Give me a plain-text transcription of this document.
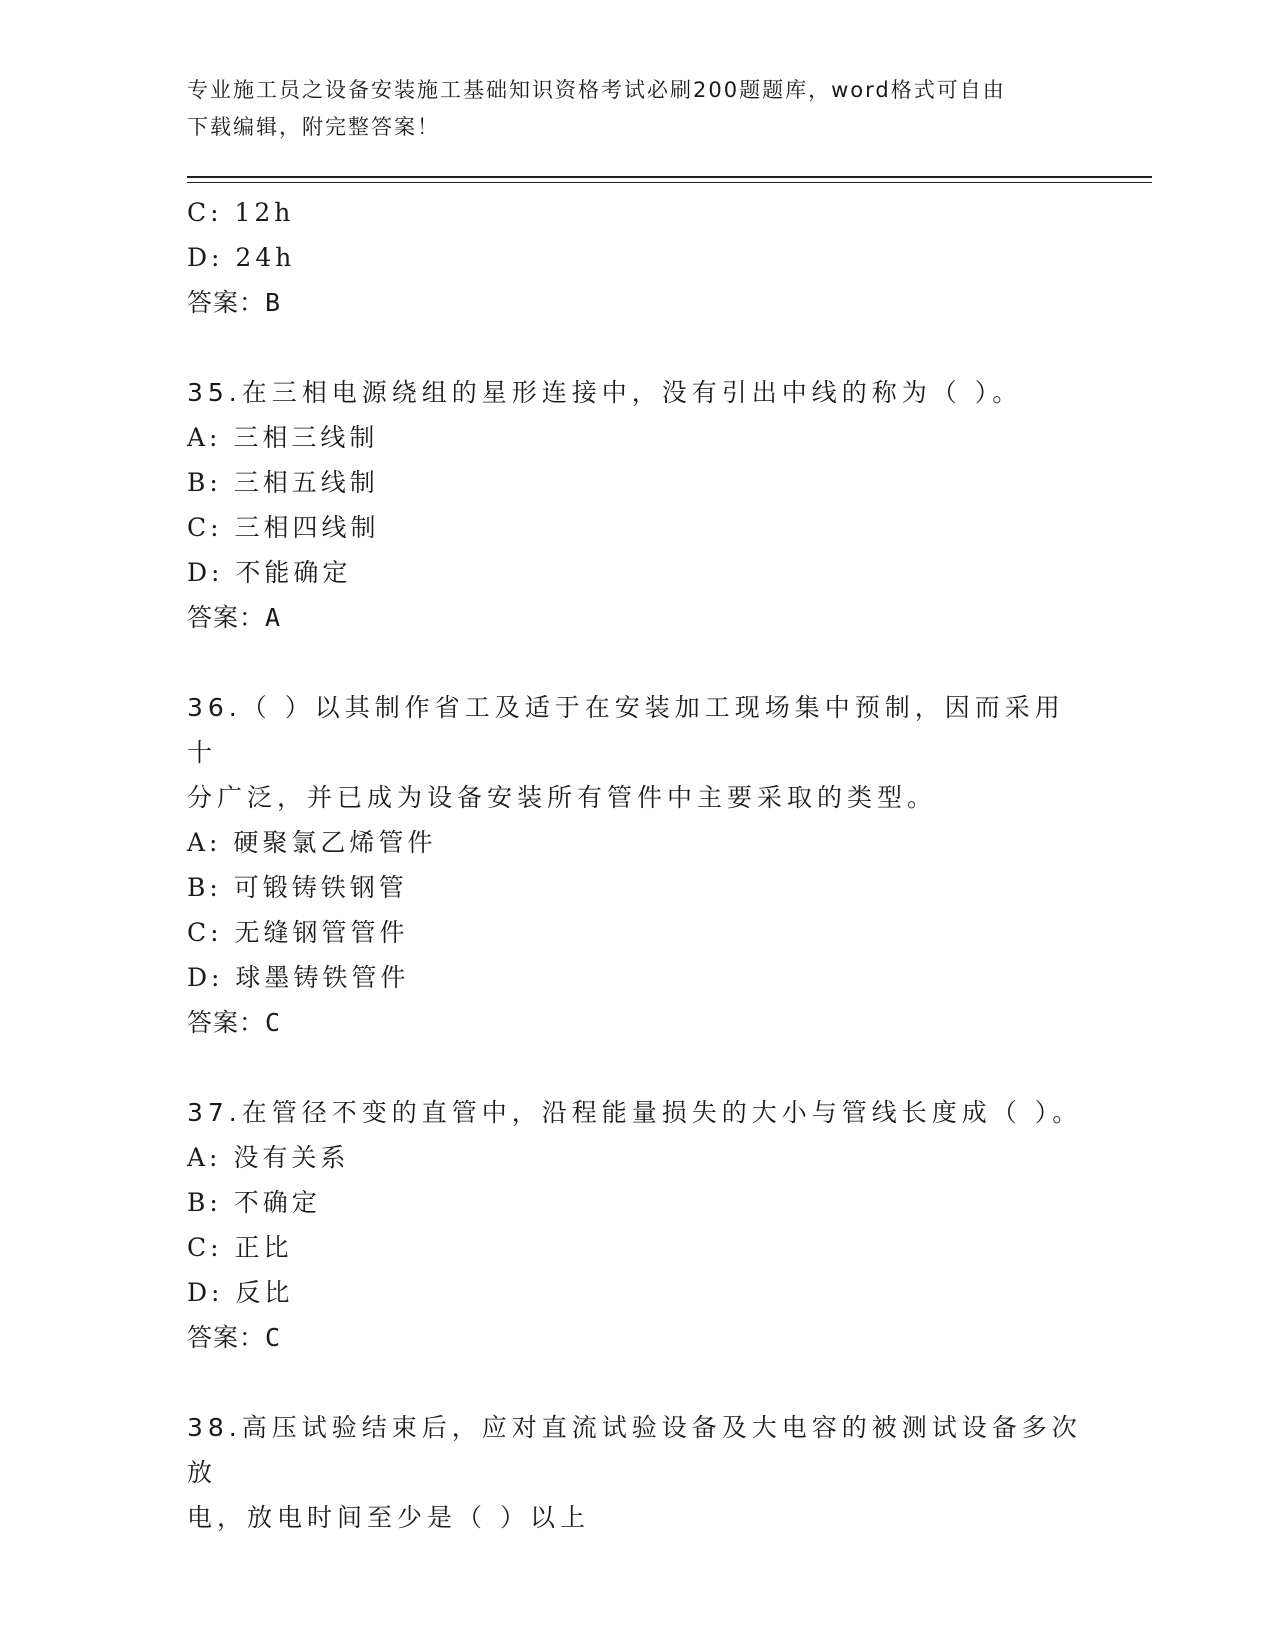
专业施工员之设备安装施工基础知识资格考试必刷200题题库，word格式可自由
下载编辑，附完整答案！
C: 12h
D: 24h
答案：B
35.在三相电源绕组的星形连接中，没有引出中线的称为（ ）。
A: 三相三线制
B: 三相五线制
C: 三相四线制
D: 不能确定
答案：A
36.（ ）以其制作省工及适于在安装加工现场集中预制，因而采用十
分广泛，并已成为设备安装所有管件中主要采取的类型。
A: 硬聚氯乙烯管件
B: 可锻铸铁钢管
C: 无缝钢管管件
D: 球墨铸铁管件
答案：C
37.在管径不变的直管中，沿程能量损失的大小与管线长度成（ ）。
A: 没有关系
B: 不确定
C: 正比
D: 反比
答案：C
38.高压试验结束后，应对直流试验设备及大电容的被测试设备多次放
电，放电时间至少是（ ）以上
